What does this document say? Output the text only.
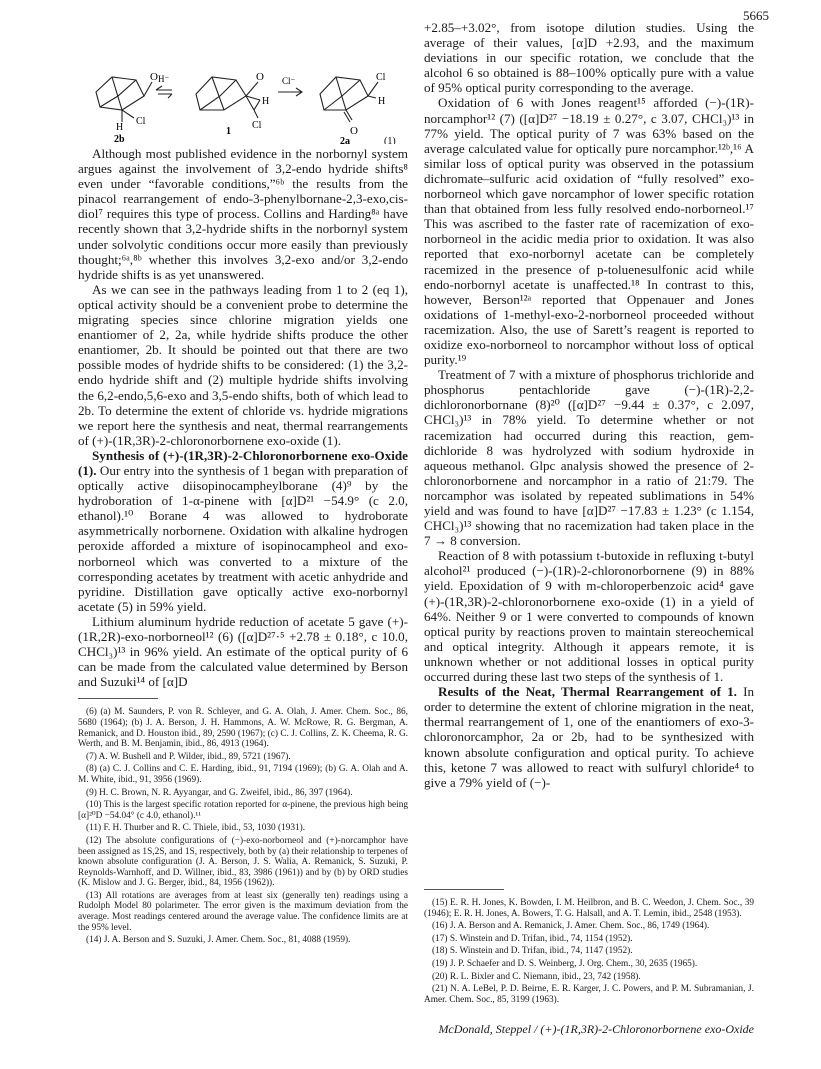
5665
O
Cl
H
2b
H⁻	O
H
Cl
1
Cl⁻	Cl
H
O
2a	(1)

Although most published evidence in the norbornyl system argues against the involvement of 3,2-endo hydride shifts⁸ even under “favorable conditions,”⁶ᵇ the results from the pinacol rearrangement of endo-3-phenylbornane-2,3-exo,cis-diol⁷ requires this type of process. Collins and Harding⁸ᵃ have recently shown that 3,2-hydride shifts in the norbornyl system under solvolytic conditions occur more easily than previously thought;⁶ᵃ,⁸ᵇ whether this involves 3,2-exo and/or 3,2-endo hydride shifts is as yet unanswered.

As we can see in the pathways leading from 1 to 2 (eq 1), optical activity should be a convenient probe to determine the migrating species since chlorine migration yields one enantiomer of 2, 2a, while hydride shifts produce the other enantiomer, 2b. It should be pointed out that there are two possible modes of hydride shifts to be considered: (1) the 3,2-endo hydride shift and (2) multiple hydride shifts involving the 6,2-endo,5,6-exo and 3,5-endo shifts, both of which lead to 2b. To determine the extent of chloride vs. hydride migrations we report here the synthesis and neat, thermal rearrangements of (+)-(1R,3R)-2-chloronorbornene exo-oxide (1).

Synthesis of (+)-(1R,3R)-2-Chloronorbornene exo-Oxide (1). Our entry into the synthesis of 1 began with preparation of optically active diisopinocampheylborane (4)⁹ by the hydroboration of 1-α-pinene with [α]D²¹ −54.9° (c 2.0, ethanol).¹⁰ Borane 4 was allowed to hydroborate asymmetrically norbornene. Oxidation with alkaline hydrogen peroxide afforded a mixture of isopinocampheol and exo-norborneol which was converted to a mixture of the corresponding acetates by treatment with acetic anhydride and pyridine. Distillation gave optically active exo-norbornyl acetate (5) in 59% yield.

Lithium aluminum hydride reduction of acetate 5 gave (+)-(1R,2R)-exo-norborneol¹² (6) ([α]D²⁷·⁵ +2.78 ± 0.18°, c 10.0, CHCl₃)¹³ in 96% yield. An estimate of the optical purity of 6 can be made from the calculated value determined by Berson and Suzuki¹⁴ of [α]D

(6) (a) M. Saunders, P. von R. Schleyer, and G. A. Olah, J. Amer. Chem. Soc., 86, 5680 (1964); (b) J. A. Berson, J. H. Hammons, A. W. McRowe, R. G. Bergman, A. Remanick, and D. Houston ibid., 89, 2590 (1967); (c) C. J. Collins, Z. K. Cheema, R. G. Werth, and B. M. Benjamin, ibid., 86, 4913 (1964).

(7) A. W. Bushell and P. Wilder, ibid., 89, 5721 (1967).

(8) (a) C. J. Collins and C. E. Harding, ibid., 91, 7194 (1969); (b) G. A. Olah and A. M. White, ibid., 91, 3956 (1969).

(9) H. C. Brown, N. R. Ayyangar, and G. Zweifel, ibid., 86, 397 (1964).

(10) This is the largest specific rotation reported for α-pinene, the previous high being [α]²⁰D −54.04° (c 4.0, ethanol).¹¹

(11) F. H. Thurber and R. C. Thiele, ibid., 53, 1030 (1931).

(12) The absolute configurations of (−)-exo-norborneol and (+)-norcamphor have been assigned as 1S,2S, and 1S, respectively, both by (a) their relationship to terpenes of known absolute configuration (J. A. Berson, J. S. Walia, A. Remanick, S. Suzuki, P. Reynolds-Warnhoff, and D. Willner, ibid., 83, 3986 (1961)) and by (b) by ORD studies (K. Mislow and J. G. Berger, ibid., 84, 1956 (1962)).

(13) All rotations are averages from at least six (generally ten) readings using a Rudolph Model 80 polarimeter. The error given is the maximum deviation from the average. Most readings centered around the average value. The confidence limits are at the 95% level.

(14) J. A. Berson and S. Suzuki, J. Amer. Chem. Soc., 81, 4088 (1959).

+2.85–+3.02°, from isotope dilution studies. Using the average of their values, [α]D +2.93, and the maximum deviations in our specific rotation, we conclude that the alcohol 6 so obtained is 88–100% optically pure with a value of 95% optical purity corresponding to the average.

Oxidation of 6 with Jones reagent¹⁵ afforded (−)-(1R)-norcamphor¹² (7) ([α]D²⁷ −18.19 ± 0.27°, c 3.07, CHCl₃)¹³ in 77% yield. The optical purity of 7 was 63% based on the average calculated value for optically pure norcamphor.¹²ᵇ,¹⁶ A similar loss of optical purity was observed in the potassium dichromate–sulfuric acid oxidation of “fully resolved” exo-norborneol which gave norcamphor of lower specific rotation than that obtained from less fully resolved endo-norborneol.¹⁷ This was ascribed to the faster rate of racemization of exo-norborneol in the acidic media prior to oxidation. It was also reported that exo-norbornyl acetate can be completely racemized in the presence of p-toluenesulfonic acid while endo-norbornyl acetate is unaffected.¹⁸ In contrast to this, however, Berson¹²ᵃ reported that Oppenauer and Jones oxidations of 1-methyl-exo-2-norborneol proceeded without racemization. Also, the use of Sarett’s reagent is reported to oxidize exo-norborneol to norcamphor without loss of optical purity.¹⁹

Treatment of 7 with a mixture of phosphorus trichloride and phosphorus pentachloride gave (−)-(1R)-2,2-dichloronorbornane (8)²⁰ ([α]D²⁷ −9.44 ± 0.37°, c 2.097, CHCl₃)¹³ in 78% yield. To determine whether or not racemization had occurred during this reaction, gem-dichloride 8 was hydrolyzed with sodium hydroxide in aqueous methanol. Glpc analysis showed the presence of 2-chloronorbornene and norcamphor in a ratio of 21:79. The norcamphor was isolated by repeated sublimations in 54% yield and was found to have [α]D²⁷ −17.83 ± 1.23° (c 1.154, CHCl₃)¹³ showing that no racemization had taken place in the 7 → 8 conversion.

Reaction of 8 with potassium t-butoxide in refluxing t-butyl alcohol²¹ produced (−)-(1R)-2-chloronorbornene (9) in 88% yield. Epoxidation of 9 with m-chloroperbenzoic acid⁴ gave (+)-(1R,3R)-2-chloronorbornene exo-oxide (1) in a yield of 64%. Neither 9 or 1 were converted to compounds of known optical purity by reactions proven to maintain stereochemical and optical integrity. Although it appears remote, it is unknown whether or not additional losses in optical purity occurred during these last two steps of the synthesis of 1.

Results of the Neat, Thermal Rearrangement of 1. In order to determine the extent of chlorine migration in the neat, thermal rearrangement of 1, one of the enantiomers of exo-3-chloronorcamphor, 2a or 2b, had to be synthesized with known absolute configuration and optical purity. To achieve this, ketone 7 was allowed to react with sulfuryl chloride⁴ to give a 79% yield of (−)-

(15) E. R. H. Jones, K. Bowden, I. M. Heilbron, and B. C. Weedon, J. Chem. Soc., 39 (1946); E. R. H. Jones, A. Bowers, T. G. Halsall, and A. T. Lemin, ibid., 2548 (1953).

(16) J. A. Berson and A. Remanick, J. Amer. Chem. Soc., 86, 1749 (1964).

(17) S. Winstein and D. Trifan, ibid., 74, 1154 (1952).

(18) S. Winstein and D. Trifan, ibid., 74, 1147 (1952).

(19) J. P. Schaefer and D. S. Weinberg, J. Org. Chem., 30, 2635 (1965).

(20) R. L. Bixler and C. Niemann, ibid., 23, 742 (1958).

(21) N. A. LeBel, P. D. Beirne, E. R. Karger, J. C. Powers, and P. M. Subramanian, J. Amer. Chem. Soc., 85, 3199 (1963).

McDonald, Steppel / (+)-(1R,3R)-2-Chloronorbornene exo-Oxide
